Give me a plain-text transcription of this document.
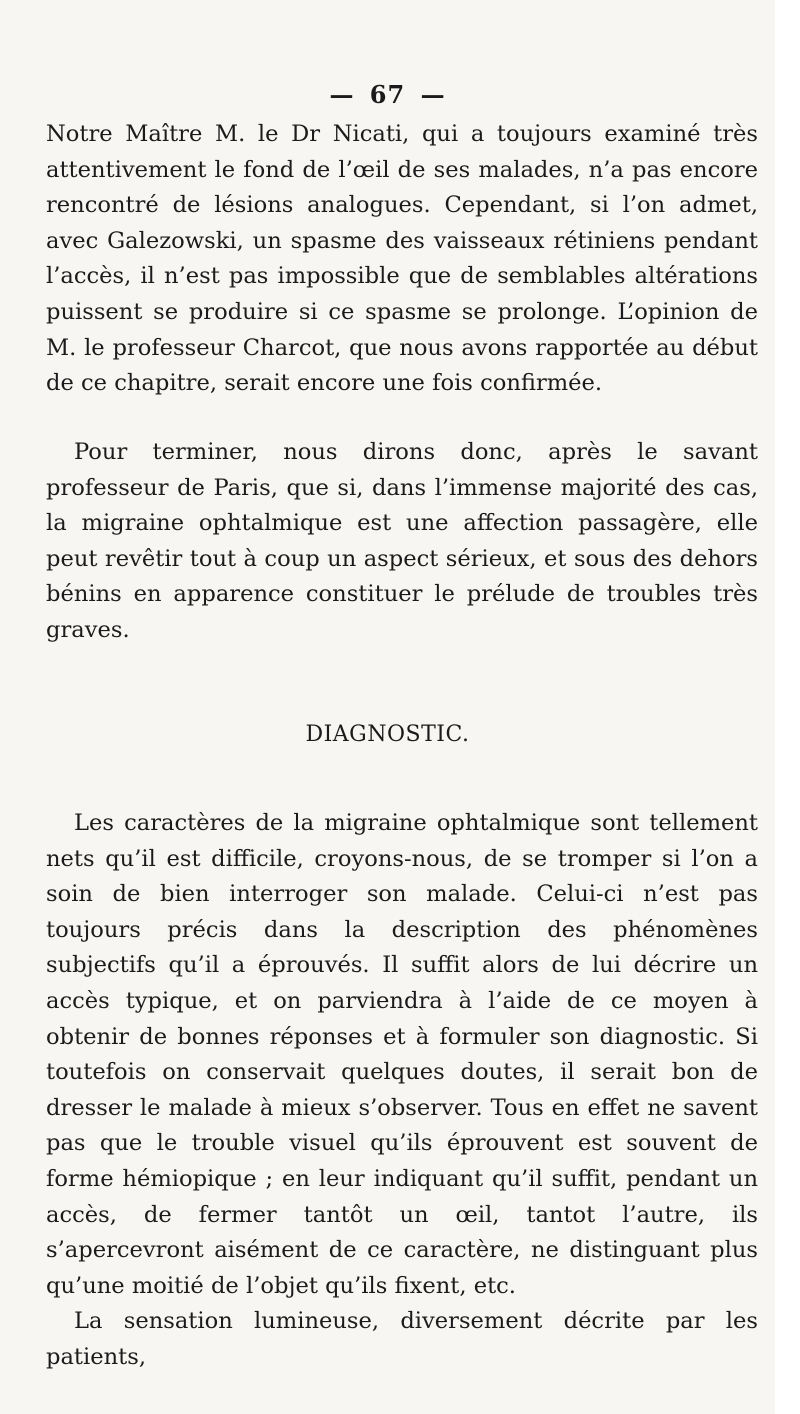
— 67 —

Notre Maître M. le Dr Nicati, qui a toujours examiné très attentivement le fond de l’œil de ses malades, n’a pas encore rencontré de lésions analogues. Cependant, si l’on admet, avec Galezowski, un spasme des vaisseaux rétiniens pendant l’accès, il n’est pas impossible que de semblables altérations puissent se produire si ce spasme se prolonge. L’opinion de M. le professeur Charcot, que nous avons rapportée au début de ce chapitre, serait encore une fois confirmée.

Pour terminer, nous dirons donc, après le savant professeur de Paris, que si, dans l’immense majorité des cas, la migraine ophtalmique est une affection passagère, elle peut revêtir tout à coup un aspect sérieux, et sous des dehors bénins en apparence constituer le prélude de troubles très graves.

DIAGNOSTIC.

Les caractères de la migraine ophtalmique sont tellement nets qu’il est difficile, croyons-nous, de se tromper si l’on a soin de bien interroger son malade. Celui-ci n’est pas toujours précis dans la description des phénomènes subjectifs qu’il a éprouvés. Il suffit alors de lui décrire un accès typique, et on parviendra à l’aide de ce moyen à obtenir de bonnes réponses et à formuler son diagnostic. Si toutefois on conservait quelques doutes, il serait bon de dresser le malade à mieux s’observer. Tous en effet ne savent pas que le trouble visuel qu’ils éprouvent est souvent de forme hémiopique ; en leur indiquant qu’il suffit, pendant un accès, de fermer tantôt un œil, tantot l’autre, ils s’apercevront aisément de ce caractère, ne distinguant plus qu’une moitié de l’objet qu’ils fixent, etc.

La sensation lumineuse, diversement décrite par les patients,
